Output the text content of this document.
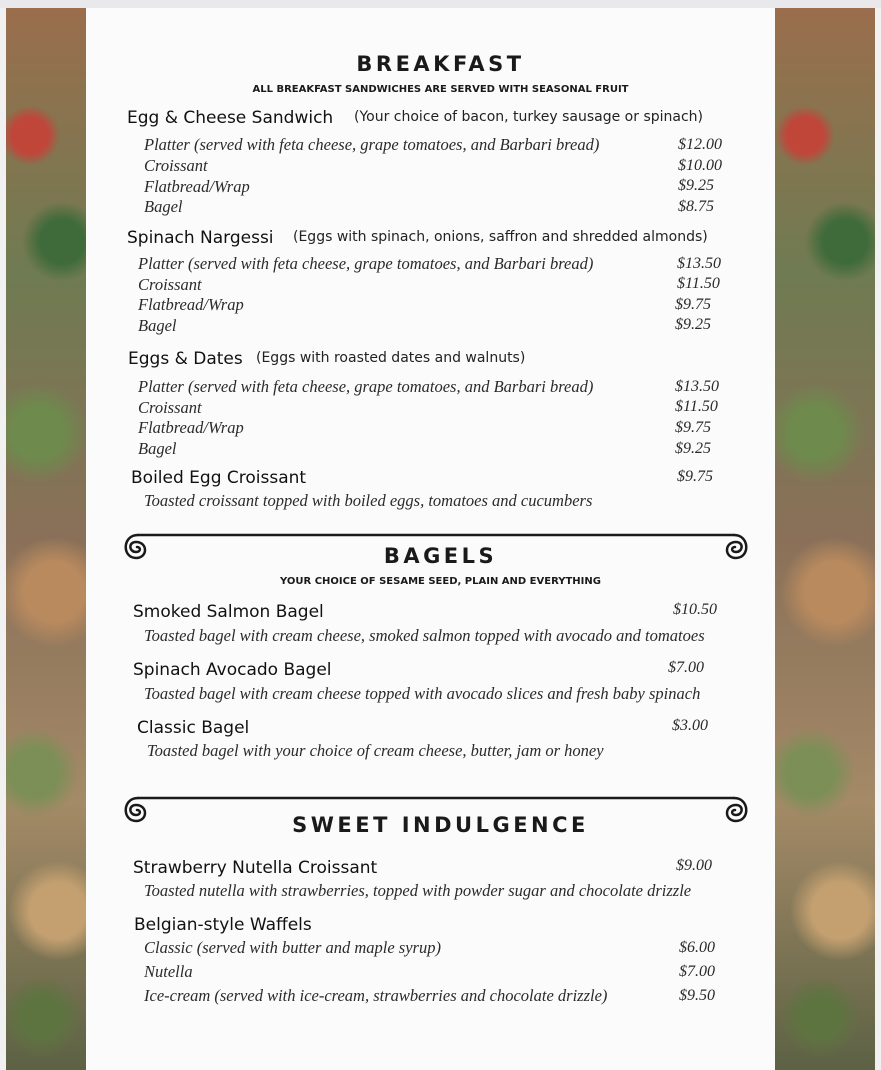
BREAKFAST
ALL BREAKFAST SANDWICHES ARE SERVED WITH SEASONAL FRUIT
Egg & Cheese Sandwich (Your choice of bacon, turkey sausage or spinach)
Platter (served with feta cheese, grape tomatoes, and Barbari bread)	$12.00
Croissant	$10.00
Flatbread/Wrap	$9.25
Bagel	$8.75
Spinach Nargessi (Eggs with spinach, onions, saffron and shredded almonds)
Platter (served with feta cheese, grape tomatoes, and Barbari bread)	$13.50
Croissant	$11.50
Flatbread/Wrap	$9.75
Bagel	$9.25
Eggs & Dates (Eggs with roasted dates and walnuts)
Platter (served with feta cheese, grape tomatoes, and Barbari bread)	$13.50
Croissant	$11.50
Flatbread/Wrap	$9.75
Bagel	$9.25
Boiled Egg Croissant	$9.75
Toasted croissant topped with boiled eggs, tomatoes and cucumbers
BAGELS
YOUR CHOICE OF SESAME SEED, PLAIN AND EVERYTHING
Smoked Salmon Bagel	$10.50
Toasted bagel with cream cheese, smoked salmon topped with avocado and tomatoes
Spinach Avocado Bagel	$7.00
Toasted bagel with cream cheese topped with avocado slices and fresh baby spinach
Classic Bagel	$3.00
Toasted bagel with your choice of cream cheese, butter, jam or honey
SWEET INDULGENCE
Strawberry Nutella Croissant	$9.00
Toasted nutella with strawberries, topped with powder sugar and chocolate drizzle
Belgian-style Waffels
Classic (served with butter and maple syrup)	$6.00
Nutella	$7.00
Ice-cream (served with ice-cream, strawberries and chocolate drizzle)	$9.50
